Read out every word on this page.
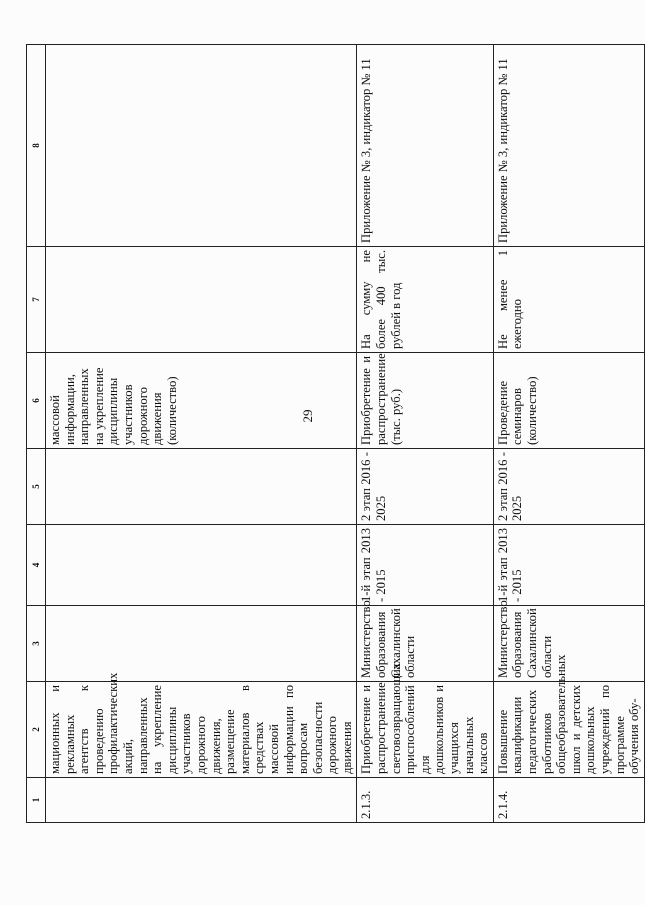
29
1	2	3	4	5	6	7	8
	мационных и рекламных агентств к проведению профилактических акций, направленных на укрепление дисциплины участников дорожного движения, размещение материалов в средствах массовой информации по вопросам безопасности дорожного движения				массовой информации, направленных на укрепление дисциплины участников дорожного движения (количество)		
2.1.3.	Приобретение и распространение световозвращающих приспособлений для дошкольников и учащихся начальных классов	Министерство образования Сахалинской области	1-й этап 2013 - 2015	2 этап 2016 - 2025	Приобретение и распространение (тыс. руб.)	На сумму не более 400 тыс. рублей в год	Приложение № 3, индикатор № 11
2.1.4.	Повышение квалификации педагогических работников общеобразовательных школ и детских дошкольных учреждений по программе обучения обу-	Министерство образования Сахалинской области	1-й этап 2013 - 2015	2 этап 2016 - 2025	Проведение семинаров (количество)	Не менее 1 ежегодно	Приложение № 3, индикатор № 11
